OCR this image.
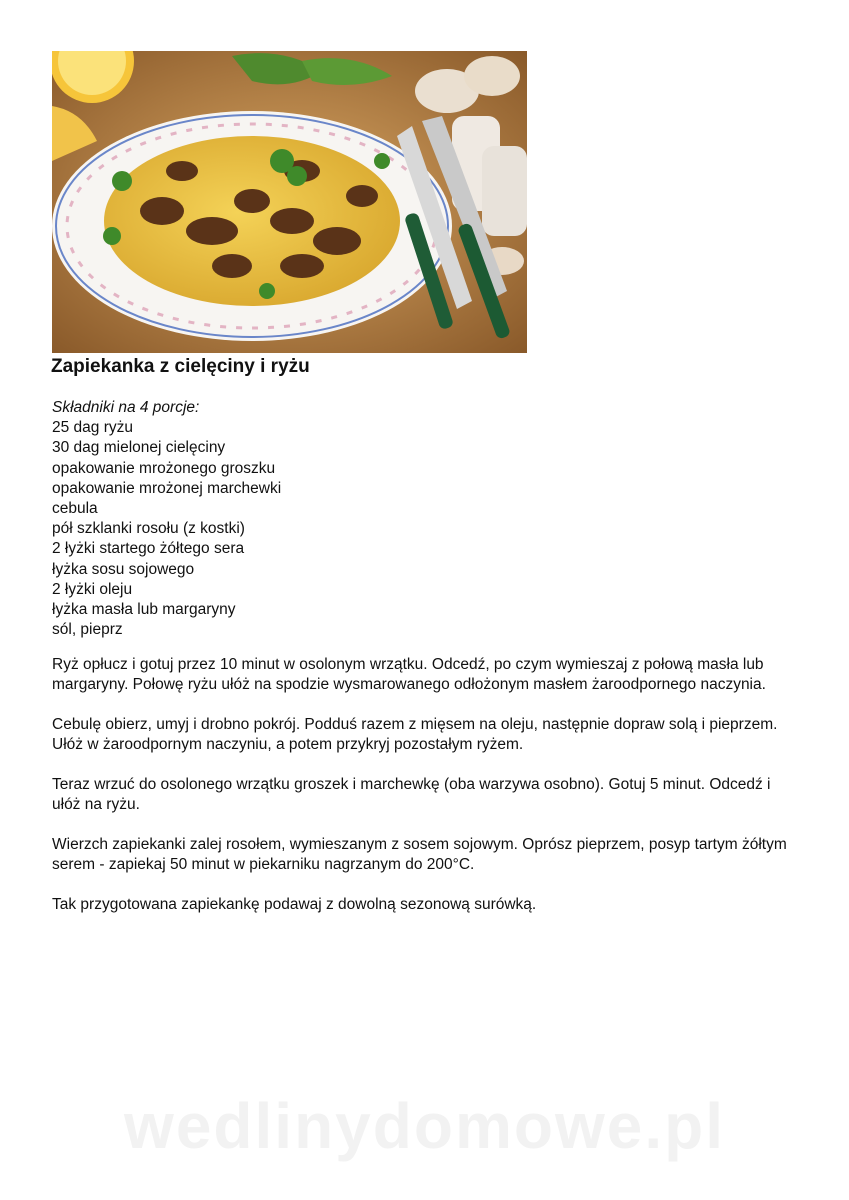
Zapiekanka z cielęciny i ryżu
Składniki na 4 porcje:
25 dag ryżu
30 dag mielonej cielęciny
opakowanie mrożonego groszku
opakowanie mrożonej marchewki
cebula
pół szklanki rosołu (z kostki)
2 łyżki startego żółtego sera
łyżka sosu sojowego
2 łyżki oleju
łyżka masła lub margaryny
sól, pieprz

Ryż opłucz i gotuj przez 10 minut w osolonym wrzątku. Odcedź, po czym wymieszaj z połową masła lub margaryny. Połowę ryżu ułóż na spodzie wysmarowanego odłożonym masłem żaroodpornego naczynia.

Cebulę obierz, umyj i drobno pokrój. Podduś razem z mięsem na oleju, następnie dopraw solą i pieprzem. Ułóż w żaroodpornym naczyniu, a potem przykryj pozostałym ryżem.

Teraz wrzuć do osolonego wrzątku groszek i marchewkę (oba warzywa osobno). Gotuj 5 minut. Odcedź i ułóż na ryżu.

Wierzch zapiekanki zalej rosołem, wymieszanym z sosem sojowym. Oprósz pieprzem, posyp tartym żółtym serem - zapiekaj 50 minut w piekarniku nagrzanym do 200°C.

Tak przygotowana zapiekankę podawaj z dowolną sezonową surówką.

wedlinydomowe.pl
